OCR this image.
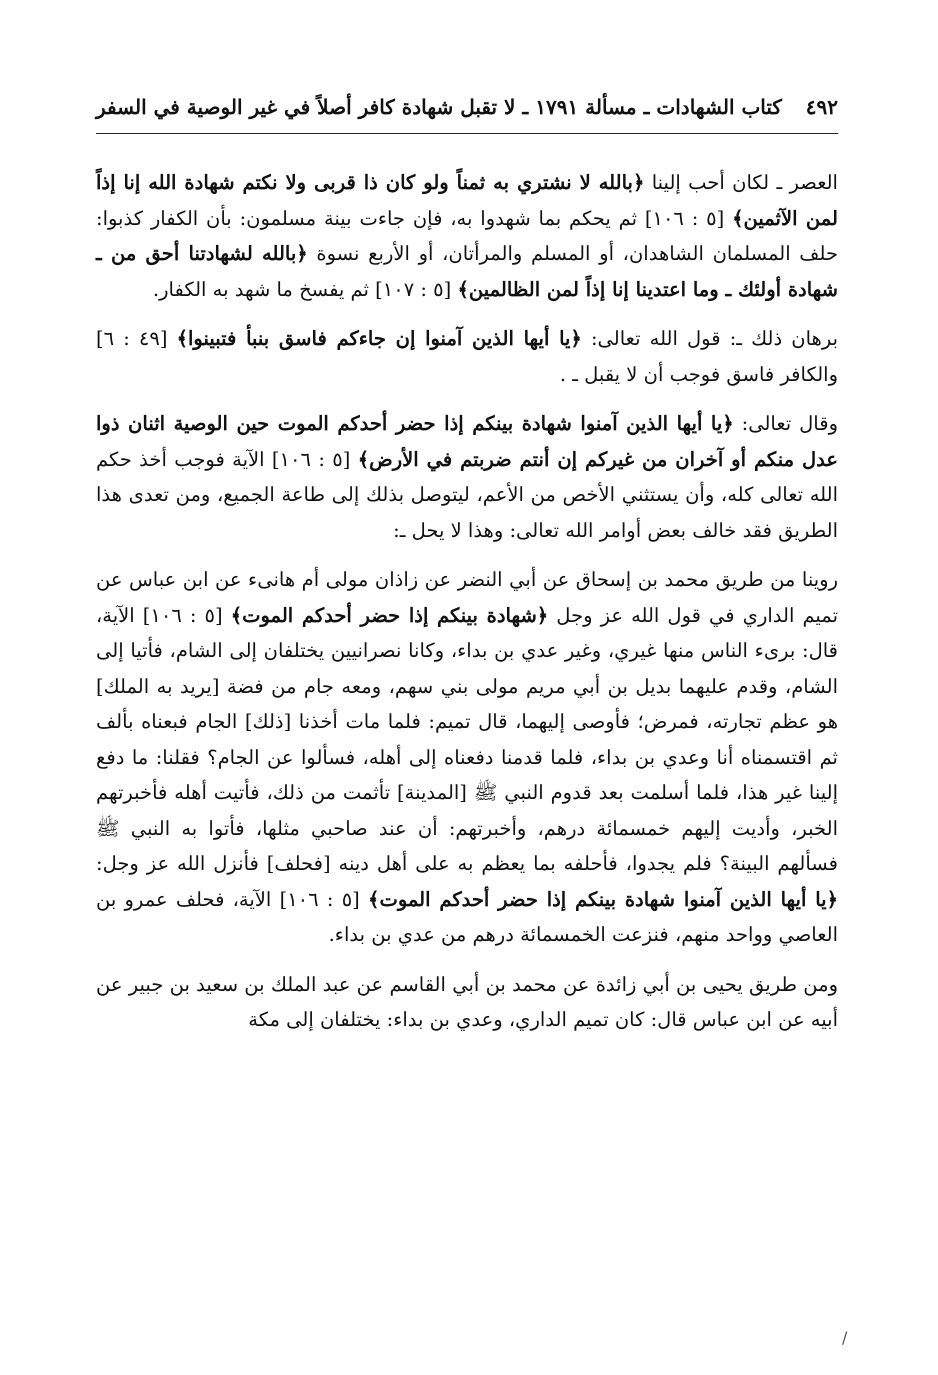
٤٩٢
كتاب الشهادات ـ مسألة ١٧٩١ ـ لا تقبل شهادة كافر أصلاً في غير الوصية في السفر

العصر ـ لكان أحب إلينا ﴿بالله لا نشتري به ثمناً ولو كان ذا قربى ولا نكتم شهادة الله إنا إذاً لمن الآثمين﴾ [٥ : ١٠٦] ثم يحكم بما شهدوا به، فإن جاءت بينة مسلمون: بأن الكفار كذبوا: حلف المسلمان الشاهدان، أو المسلم والمرأتان، أو الأربع نسوة ﴿بالله لشهادتنا أحق من ـ شهادة أولئك ـ وما اعتدينا إنا إذاً لمن الظالمين﴾ [٥ : ١٠٧] ثم يفسخ ما شهد به الكفار.

برهان ذلك ـ: قول الله تعالى: ﴿يا أيها الذين آمنوا إن جاءكم فاسق بنبأ فتبينوا﴾ [٤٩ : ٦] والكافر فاسق فوجب أن لا يقبل ـ .

وقال تعالى: ﴿يا أيها الذين آمنوا شهادة بينكم إذا حضر أحدكم الموت حين الوصية اثنان ذوا عدل منكم أو آخران من غيركم إن أنتم ضربتم في الأرض﴾ [٥ : ١٠٦] الآية فوجب أخذ حكم الله تعالى كله، وأن يستثني الأخص من الأعم، ليتوصل بذلك إلى طاعة الجميع، ومن تعدى هذا الطريق فقد خالف بعض أوامر الله تعالى: وهذا لا يحل ـ:

روينا من طريق محمد بن إسحاق عن أبي النضر عن زاذان مولى أم هانىء عن ابن عباس عن تميم الداري في قول الله عز وجل ﴿شهادة بينكم إذا حضر أحدكم الموت﴾ [٥ : ١٠٦] الآية، قال: برىء الناس منها غيري، وغير عدي بن بداء، وكانا نصرانيين يختلفان إلى الشام، فأتيا إلى الشام، وقدم عليهما بديل بن أبي مريم مولى بني سهم، ومعه جام من فضة [يريد به الملك] هو عظم تجارته، فمرض؛ فأوصى إليهما، قال تميم: فلما مات أخذنا [ذلك] الجام فبعناه بألف ثم اقتسمناه أنا وعدي بن بداء، فلما قدمنا دفعناه إلى أهله، فسألوا عن الجام؟ فقلنا: ما دفع إلينا غير هذا، فلما أسلمت بعد قدوم النبي ﷺ [المدينة] تأثمت من ذلك، فأتيت أهله فأخبرتهم الخبر، وأديت إليهم خمسمائة درهم، وأخبرتهم: أن عند صاحبي مثلها، فأتوا به النبي ﷺ فسألهم البينة؟ فلم يجدوا، فأحلفه بما يعظم به على أهل دينه [فحلف] فأنزل الله عز وجل: ﴿يا أيها الذين آمنوا شهادة بينكم إذا حضر أحدكم الموت﴾ [٥ : ١٠٦] الآية، فحلف عمرو بن العاصي وواحد منهم، فنزعت الخمسمائة درهم من عدي بن بداء.

ومن طريق يحيى بن أبي زائدة عن محمد بن أبي القاسم عن عبد الملك بن سعيد بن جبير عن أبيه عن ابن عباس قال: كان تميم الداري، وعدي بن بداء: يختلفان إلى مكة

/
